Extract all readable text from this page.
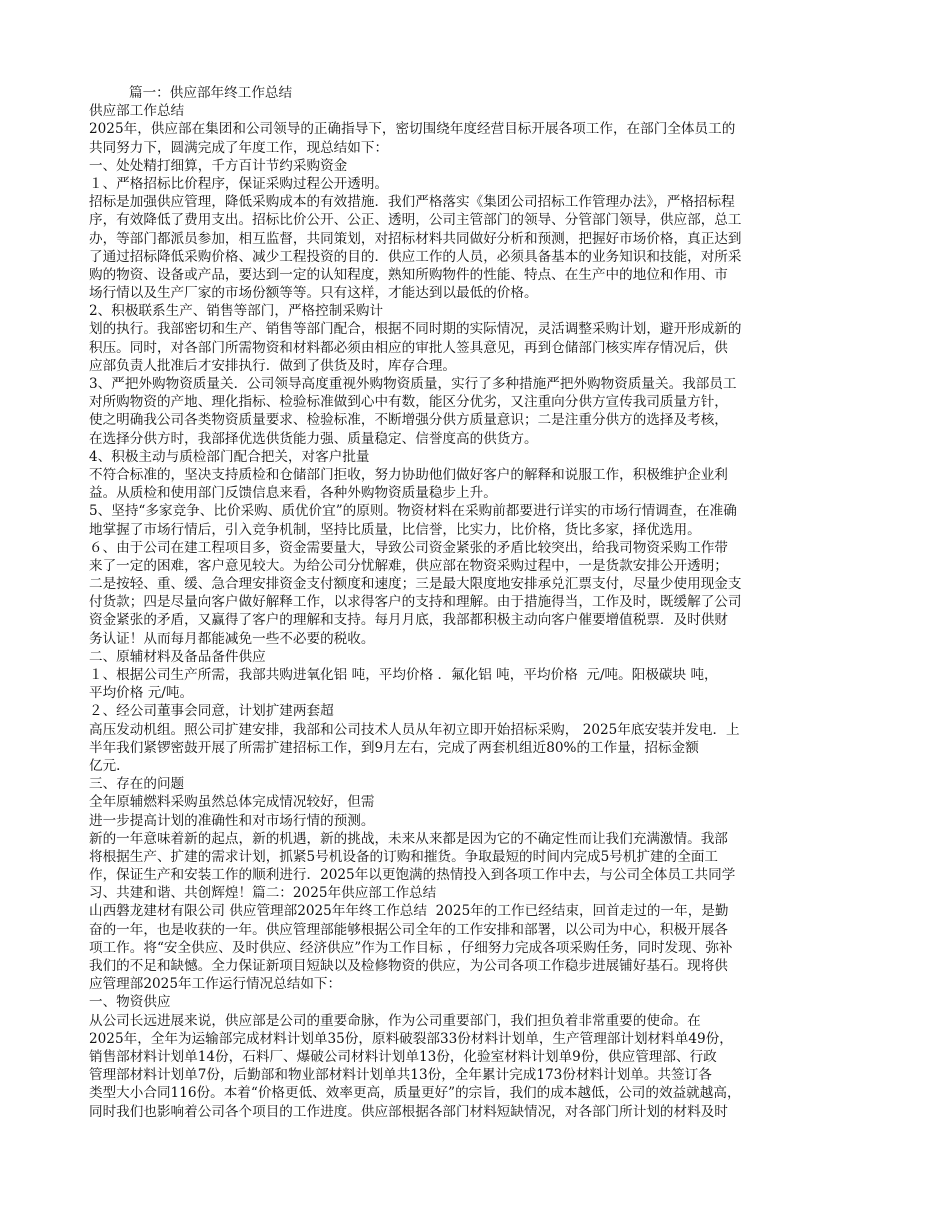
篇一：供应部年终工作总结
供应部工作总结
2025年，供应部在集团和公司领导的正确指导下，密切围绕年度经营目标开展各项工作，在部门全体员工的
共同努力下，圆满完成了年度工作，现总结如下：
一、处处精打细算，千方百计节约采购资金
１、严格招标比价程序，保证采购过程公开透明。
招标是加强供应管理，降低采购成本的有效措施．我们严格落实《集团公司招标工作管理办法》，严格招标程
序，有效降低了费用支出。招标比价公开、公正、透明，公司主管部门的领导、分管部门领导，供应部，总工
办，等部门都派员参加，相互监督，共同策划，对招标材料共同做好分析和预测，把握好市场价格，真正达到
了通过招标降低采购价格、减少工程投资的目的．供应工作的人员，必须具备基本的业务知识和技能，对所采
购的物资、设备或产品，要达到一定的认知程度，熟知所购物件的性能、特点、在生产中的地位和作用、市
场行情以及生产厂家的市场份额等等。只有这样，才能达到以最低的价格。
2、积极联系生产、销售等部门，严格控制采购计
划的执行。我部密切和生产、销售等部门配合，根据不同时期的实际情况，灵活调整采购计划，避开形成新的
积压。同时，对各部门所需物资和材料都必须由相应的审批人签具意见，再到仓储部门核实库存情况后，供
应部负责人批准后才安排执行．做到了供货及时，库存合理。
3、严把外购物资质量关．公司领导高度重视外购物资质量，实行了多种措施严把外购物资质量关。我部员工
对所购物资的产地、理化指标、检验标准做到心中有数，能区分优劣，又注重向分供方宣传我司质量方针，
使之明确我公司各类物资质量要求、检验标准，不断增强分供方质量意识；二是注重分供方的选择及考核，
在选择分供方时，我部择优选供货能力强、质量稳定、信誉度高的供货方。
4、积极主动与质检部门配合把关，对客户批量
不符合标准的，坚决支持质检和仓储部门拒收，努力协助他们做好客户的解释和说服工作，积极维护企业利
益。从质检和使用部门反馈信息来看，各种外购物资质量稳步上升。
5、坚持“多家竞争、比价采购、质优价宜”的原则。物资材料在采购前都要进行详实的市场行情调查，在准确
地掌握了市场行情后，引入竞争机制，坚持比质量，比信誉，比实力，比价格，货比多家，择优选用。
６、由于公司在建工程项目多，资金需要量大，导致公司资金紧张的矛盾比较突出，给我司物资采购工作带
来了一定的困难，客户意见较大。为给公司分忧解难，供应部在物资采购过程中，一是货款安排公开透明；
二是按轻、重、缓、急合理安排资金支付额度和速度；三是最大限度地安排承兑汇票支付，尽量少使用现金支
付货款；四是尽量向客户做好解释工作，以求得客户的支持和理解。由于措施得当，工作及时，既缓解了公司
资金紧张的矛盾，又赢得了客户的理解和支持。每月月底，我部都积极主动向客户催要增值税票．及时供财
务认证！从而每月都能减免一些不必要的税收。
二、原辅材料及备品备件供应
１、根据公司生产所需，我部共购进氧化铝 吨，平均价格 ．氟化铝 吨，平均价格  元/吨。阳极碳块 吨，
平均价格 元/吨。
２、经公司董事会同意，计划扩建两套超
高压发动机组。照公司扩建安排，我部和公司技术人员从年初立即开始招标采购， 2025年底安装并发电．上
半年我们紧锣密鼓开展了所需扩建招标工作，到9月左右，完成了两套机组近80%的工作量，招标金额
亿元．
三、存在的问题
全年原辅燃料采购虽然总体完成情况较好，但需
进一步提高计划的准确性和对市场行情的预测。
新的一年意味着新的起点，新的机遇，新的挑战，未来从来都是因为它的不确定性而让我们充满激情。我部
将根据生产、扩建的需求计划，抓紧5号机设备的订购和摧货。争取最短的时间内完成5号机扩建的全面工
作，保证生产和安装工作的顺利进行．2025年以更饱满的热情投入到各项工作中去，与公司全体员工共同学
习、共建和谐、共创辉煌！篇二：2025年供应部工作总结
山西磐龙建材有限公司 供应管理部2025年年终工作总结  2025年的工作已经结束，回首走过的一年，是勤
奋的一年，也是收获的一年。供应管理部能够根据公司全年的工作安排和部署，以公司为中心，积极开展各
项工作。将“安全供应、及时供应、经济供应”作为工作目标 ，仔细努力完成各项采购任务，同时发现、弥补
我们的不足和缺憾。全力保证新项目短缺以及检修物资的供应，为公司各项工作稳步进展铺好基石。现将供
应管理部2025年工作运行情况总结如下：
一、物资供应
从公司长远进展来说，供应部是公司的重要命脉，作为公司重要部门，我们担负着非常重要的使命。在
2025年，全年为运输部完成材料计划单35份，原料破裂部33份材料计划单，生产管理部计划材料单49份，
销售部材料计划单14份，石料厂、爆破公司材料计划单13份，化验室材料计划单9份，供应管理部、行政
管理部材料计划单7份，后勤部和物业部材料计划单共13份，全年累计完成173份材料计划单。共签订各
类型大小合同116份。本着“价格更低、效率更高，质量更好”的宗旨，我们的成本越低，公司的效益就越高，
同时我们也影响着公司各个项目的工作进度。供应部根据各部门材料短缺情况，对各部门所计划的材料及时
